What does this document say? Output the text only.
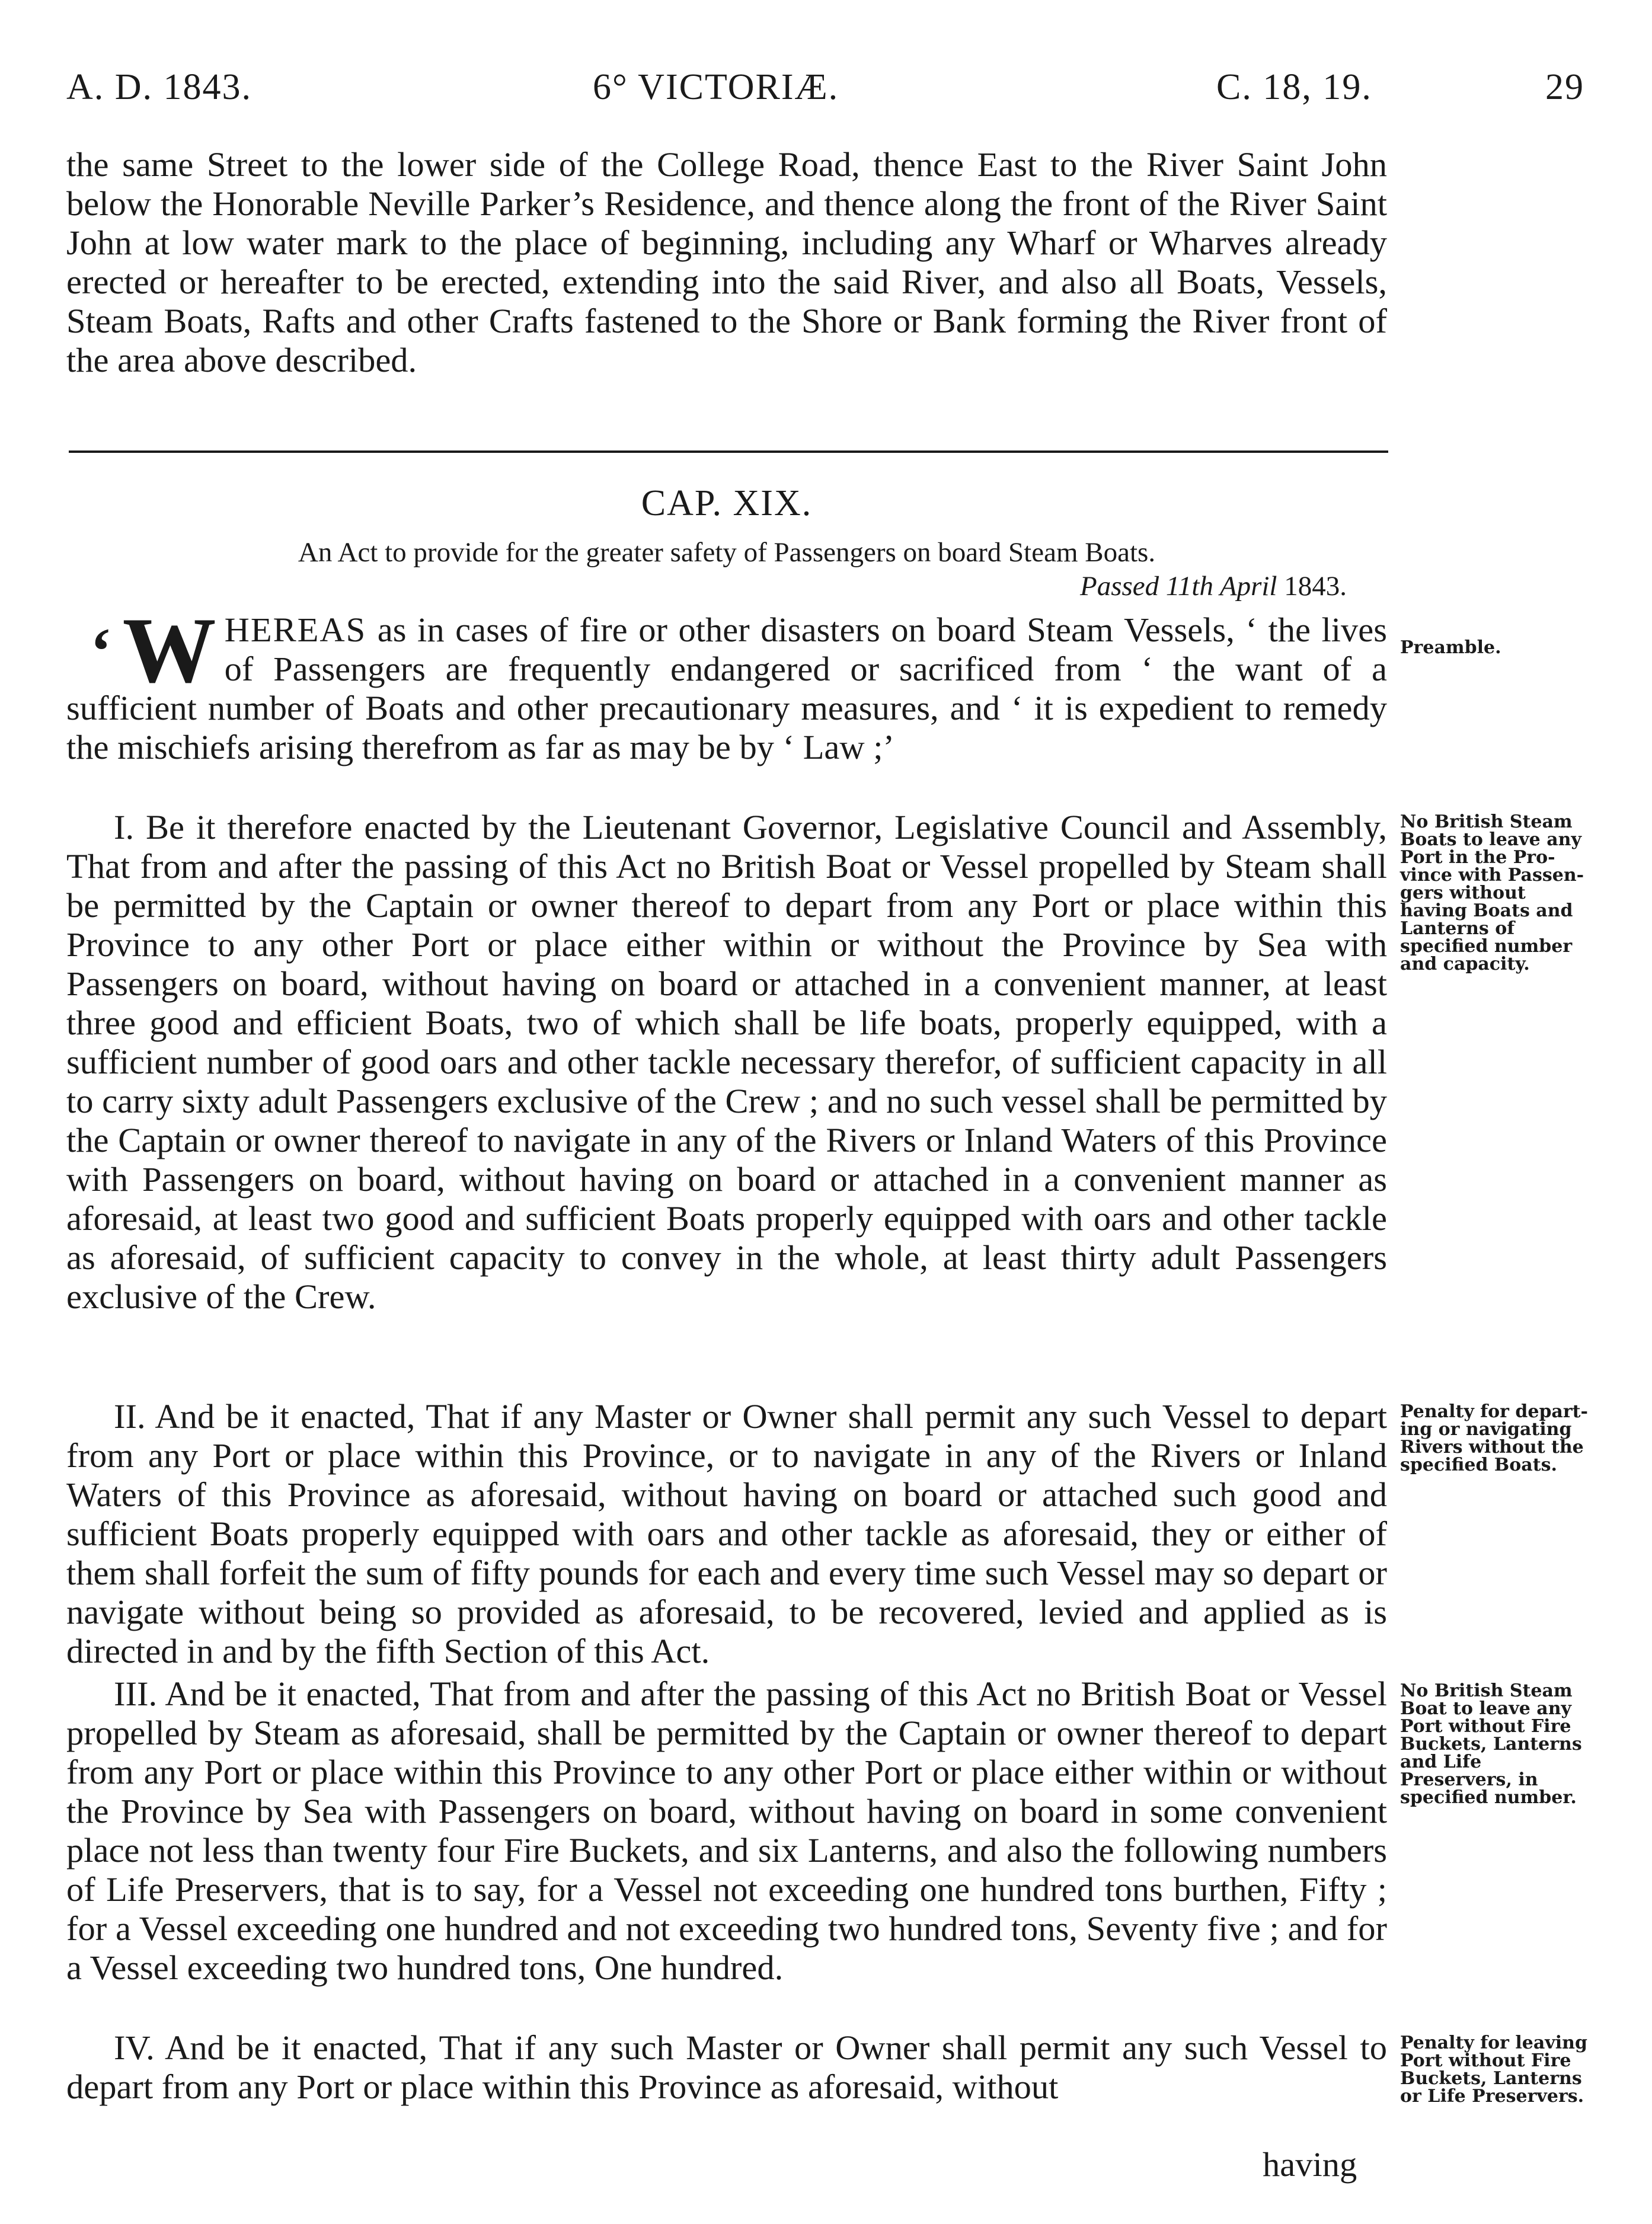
A. D. 1843.	6° VICTORIÆ.	C. 18, 19.	29

the same Street to the lower side of the College Road, thence East to the River Saint John below the Honorable Neville Parker’s Residence, and thence along the front of the River Saint John at low water mark to the place of beginning, including any Wharf or Wharves already erected or hereafter to be erected, extending into the said River, and also all Boats, Vessels, Steam Boats, Rafts and other Crafts fastened to the Shore or Bank forming the River front of the area above described.

CAP. XIX.
An Act to provide for the greater safety of Passengers on board Steam Boats.
Passed 11th April 1843.

‘ W HEREAS as in cases of fire or other disasters on board Steam Vessels, ‘ the lives of Passengers are frequently endangered or sacrificed from ‘ the want of a sufficient number of Boats and other precautionary measures, and ‘ it is expedient to remedy the mischiefs arising therefrom as far as may be by ‘ Law ;’

I. Be it therefore enacted by the Lieutenant Governor, Legislative Council and Assembly, That from and after the passing of this Act no British Boat or Vessel propelled by Steam shall be permitted by the Captain or owner thereof to depart from any Port or place within this Province to any other Port or place either within or without the Province by Sea with Passengers on board, without having on board or attached in a convenient manner, at least three good and efficient Boats, two of which shall be life boats, properly equipped, with a sufficient number of good oars and other tackle necessary therefor, of sufficient capacity in all to carry sixty adult Passengers exclusive of the Crew ; and no such vessel shall be permitted by the Captain or owner thereof to navigate in any of the Rivers or Inland Waters of this Province with Passengers on board, without having on board or attached in a convenient manner as aforesaid, at least two good and sufficient Boats properly equipped with oars and other tackle as aforesaid, of sufficient capacity to convey in the whole, at least thirty adult Passengers exclusive of the Crew.

II. And be it enacted, That if any Master or Owner shall permit any such Vessel to depart from any Port or place within this Province, or to navigate in any of the Rivers or Inland Waters of this Province as aforesaid, without having on board or attached such good and sufficient Boats properly equipped with oars and other tackle as aforesaid, they or either of them shall forfeit the sum of fifty pounds for each and every time such Vessel may so depart or navigate without being so provided as aforesaid, to be recovered, levied and applied as is directed in and by the fifth Section of this Act.

III. And be it enacted, That from and after the passing of this Act no British Boat or Vessel propelled by Steam as aforesaid, shall be permitted by the Captain or owner thereof to depart from any Port or place within this Province to any other Port or place either within or without the Province by Sea with Passengers on board, without having on board in some convenient place not less than twenty four Fire Buckets, and six Lanterns, and also the following numbers of Life Preservers, that is to say, for a Vessel not exceeding one hundred tons burthen, Fifty ; for a Vessel exceeding one hundred and not exceeding two hundred tons, Seventy five ; and for a Vessel exceeding two hundred tons, One hundred.

IV. And be it enacted, That if any such Master or Owner shall permit any such Vessel to depart from any Port or place within this Province as aforesaid, without

having
Preamble.
No British Steam Boats to leave any Port in the Province with Passengers without having Boats and Lanterns of specified number and capacity.
Penalty for departing or navigating Rivers without the specified Boats.
No British Steam Boat to leave any Port without Fire Buckets, Lanterns and Life Preservers, in specified number.
Penalty for leaving Port without Fire Buckets, Lanterns or Life Preservers.
